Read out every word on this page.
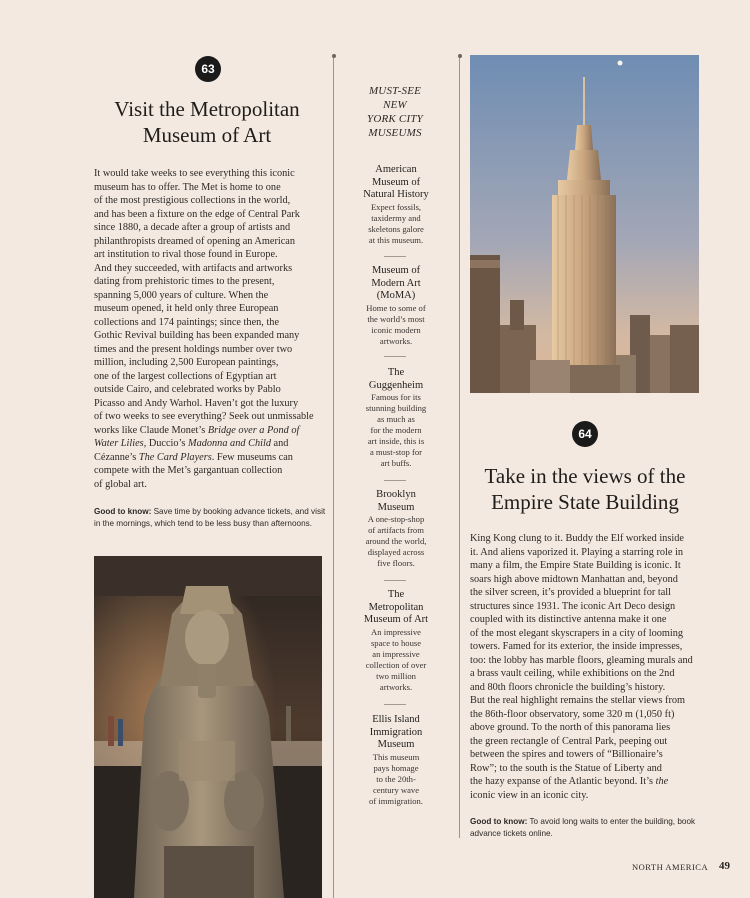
63
Visit the Metropolitan
Museum of Art

It would take weeks to see everything this iconic
museum has to offer. The Met is home to one
of the most prestigious collections in the world,
and has been a fixture on the edge of Central Park
since 1880, a decade after a group of artists and
philanthropists dreamed of opening an American
art institution to rival those found in Europe.
And they succeeded, with artifacts and artworks
dating from prehistoric times to the present,
spanning 5,000 years of culture. When the
museum opened, it held only three European
collections and 174 paintings; since then, the
Gothic Revival building has been expanded many
times and the present holdings number over two
million, including 2,500 European paintings,
one of the largest collections of Egyptian art
outside Cairo, and celebrated works by Pablo
Picasso and Andy Warhol. Haven’t got the luxury
of two weeks to see everything? Seek out unmissable
works like Claude Monet’s Bridge over a Pond of
Water Lilies, Duccio’s Madonna and Child and
Cézanne’s The Card Players. Few museums can
compete with the Met’s gargantuan collection
of global art.

Good to know: Save time by booking advance tickets, and visit
in the mornings, which tend to be less busy than afternoons.

MUST-SEE
NEW
YORK CITY
MUSEUMS

American
Museum of
Natural History

Expect fossils,
taxidermy and
skeletons galore
at this museum.

Museum of
Modern Art
(MoMA)

Home to some of
the world’s most
iconic modern
artworks.

The
Guggenheim

Famous for its
stunning building
as much as
for the modern
art inside, this is
a must-stop for
art buffs.

Brooklyn
Museum

A one-stop-shop
of artifacts from
around the world,
displayed across
five floors.

The
Metropolitan
Museum of Art

An impressive
space to house
an impressive
collection of over
two million
artworks.

Ellis Island
Immigration
Museum

This museum
pays homage
to the 20th-
century wave
of immigration.

64
Take in the views of the
Empire State Building

King Kong clung to it. Buddy the Elf worked inside
it. And aliens vaporized it. Playing a starring role in
many a film, the Empire State Building is iconic. It
soars high above midtown Manhattan and, beyond
the silver screen, it’s provided a blueprint for tall
structures since 1931. The iconic Art Deco design
coupled with its distinctive antenna make it one
of the most elegant skyscrapers in a city of looming
towers. Famed for its exterior, the inside impresses,
too: the lobby has marble floors, gleaming murals and
a brass vault ceiling, while exhibitions on the 2nd
and 80th floors chronicle the building’s history.
But the real highlight remains the stellar views from
the 86th-floor observatory, some 320 m (1,050 ft)
above ground. To the north of this panorama lies
the green rectangle of Central Park, peeping out
between the spires and towers of “Billionaire’s
Row”; to the south is the Statue of Liberty and
the hazy expanse of the Atlantic beyond. It’s the
iconic view in an iconic city.

Good to know: To avoid long waits to enter the building, book
advance tickets online.

NORTH AMERICA 49
